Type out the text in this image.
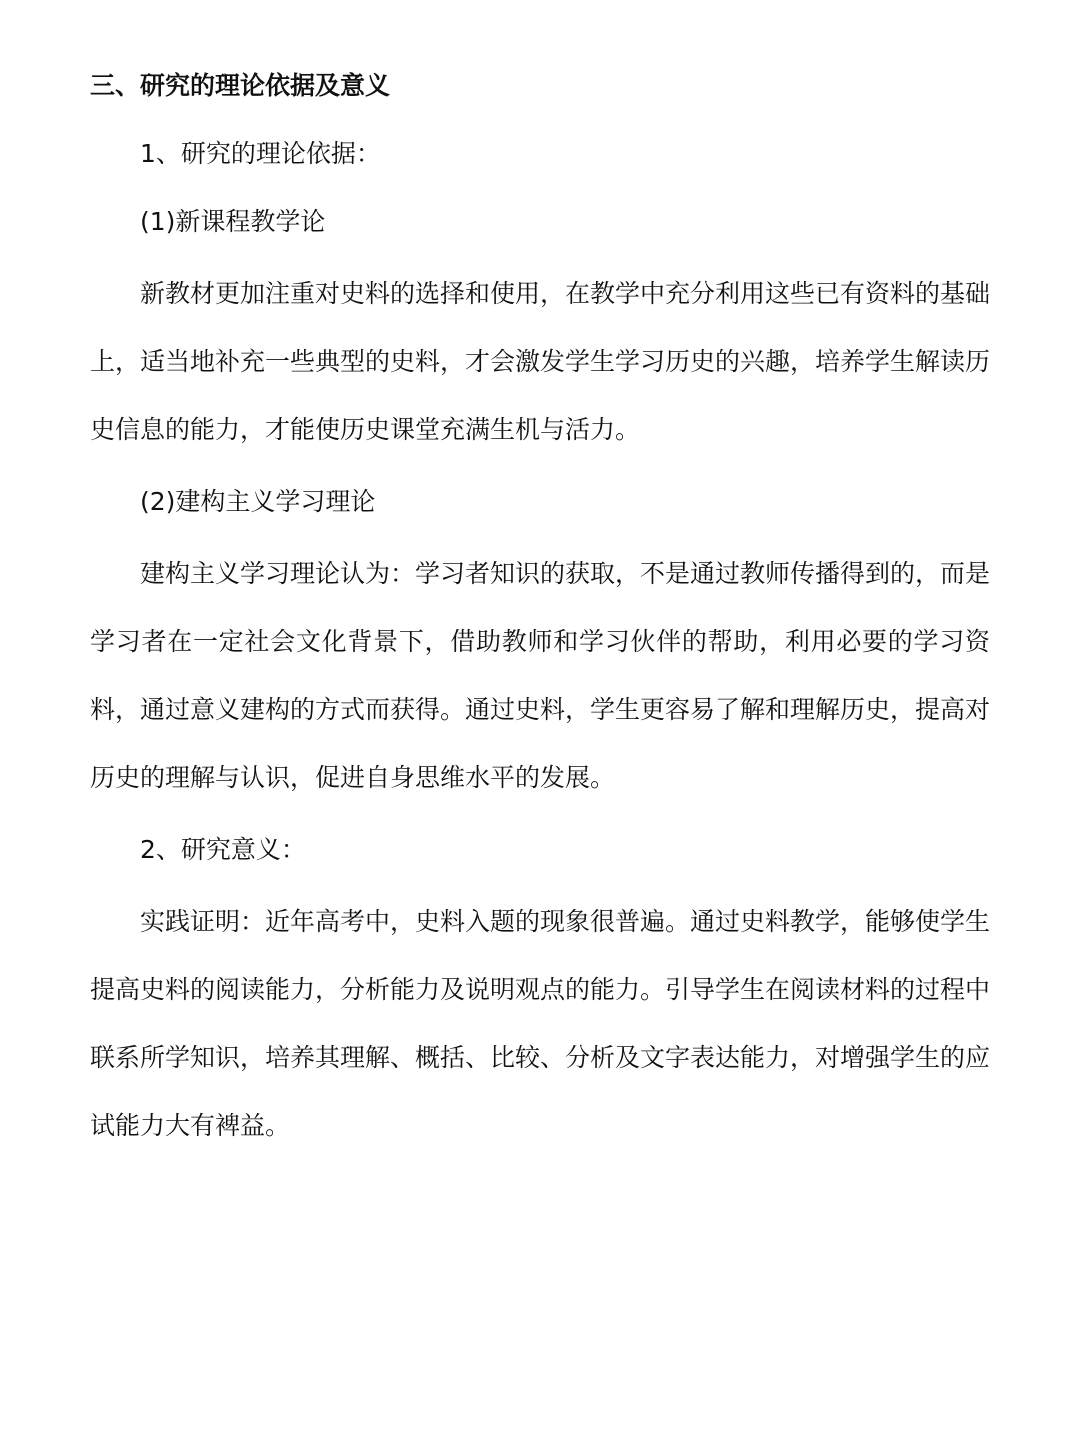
三、研究的理论依据及意义

1、研究的理论依据：

(1)新课程教学论

新教材更加注重对史料的选择和使用，在教学中充分利用这些已有资料的基础上，适当地补充一些典型的史料，才会激发学生学习历史的兴趣，培养学生解读历史信息的能力，才能使历史课堂充满生机与活力。

(2)建构主义学习理论

建构主义学习理论认为：学习者知识的获取，不是通过教师传播得到的，而是学习者在一定社会文化背景下，借助教师和学习伙伴的帮助，利用必要的学习资料，通过意义建构的方式而获得。通过史料，学生更容易了解和理解历史，提高对历史的理解与认识，促进自身思维水平的发展。

2、研究意义：

实践证明：近年高考中，史料入题的现象很普遍。通过史料教学，能够使学生提高史料的阅读能力，分析能力及说明观点的能力。引导学生在阅读材料的过程中联系所学知识，培养其理解、概括、比较、分析及文字表达能力，对增强学生的应试能力大有裨益。
